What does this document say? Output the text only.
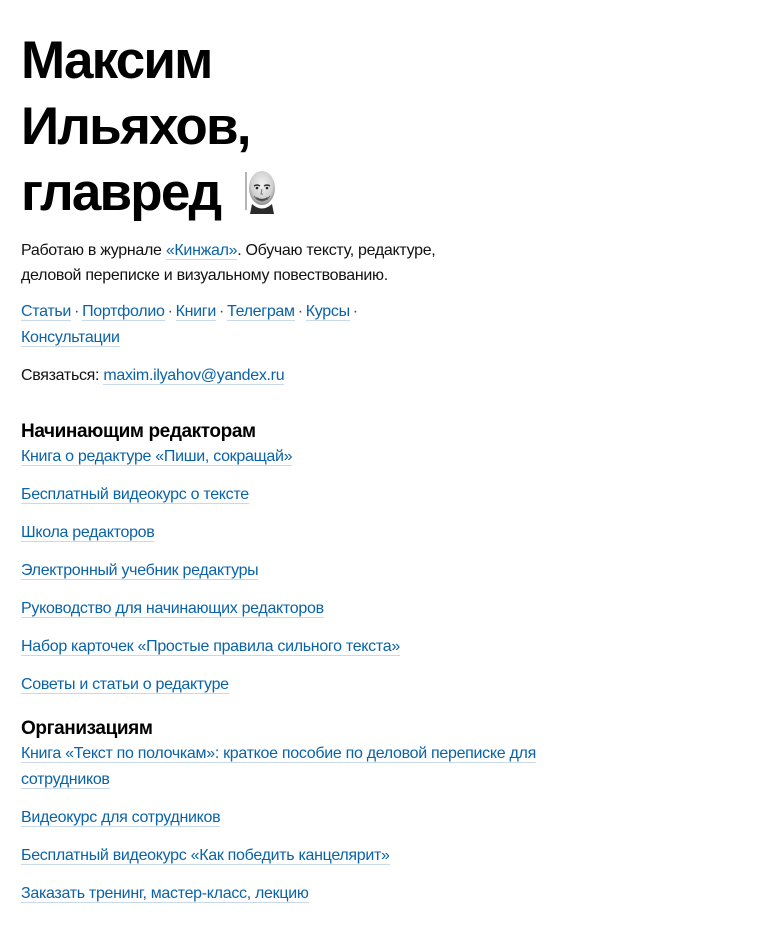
Максим
Ильяхов,
главред

Работаю в журнале «Кинжал». Обучаю тексту, редактуре,
деловой переписке и визуальному повествованию.

Статьи · Портфолио · Книги · Телеграм · Курсы ·
Консультации

Связаться: maxim.ilyahov@yandex.ru

Начинающим редакторам
Книга о редактуре «Пиши, сокращай»
Бесплатный видеокурс о тексте
Школа редакторов
Электронный учебник редактуры
Руководство для начинающих редакторов
Набор карточек «Простые правила сильного текста»
Советы и статьи о редактуре
Организациям
Книга «Текст по полочкам»: краткое пособие по деловой переписке для
сотрудников
Видеокурс для сотрудников
Бесплатный видеокурс «Как победить канцелярит»
Заказать тренинг, мастер-класс, лекцию
